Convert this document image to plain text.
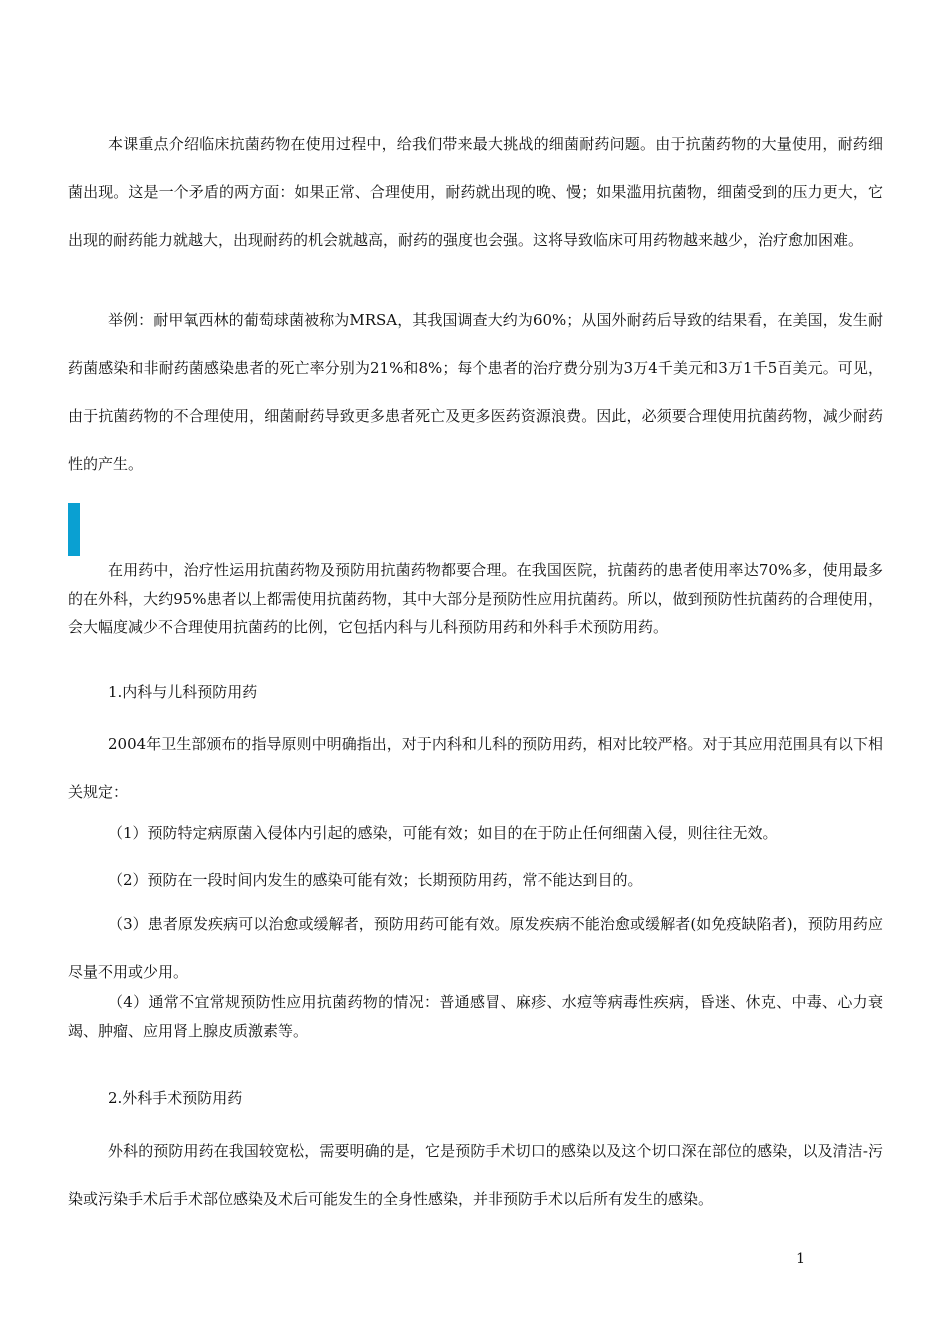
本课重点介绍临床抗菌药物在使用过程中，给我们带来最大挑战的细菌耐药问题。由于抗菌药物的大量使用，耐药细菌出现。这是一个矛盾的两方面：如果正常、合理使用，耐药就出现的晚、慢；如果滥用抗菌物，细菌受到的压力更大，它出现的耐药能力就越大，出现耐药的机会就越高，耐药的强度也会强。这将导致临床可用药物越来越少，治疗愈加困难。

举例：耐甲氧西林的葡萄球菌被称为MRSA，其我国调查大约为60%；从国外耐药后导致的结果看，在美国，发生耐药菌感染和非耐药菌感染患者的死亡率分别为21%和8%；每个患者的治疗费分别为3万4千美元和3万1千5百美元。可见，由于抗菌药物的不合理使用，细菌耐药导致更多患者死亡及更多医药资源浪费。因此，必须要合理使用抗菌药物，减少耐药性的产生。

在用药中，治疗性运用抗菌药物及预防用抗菌药物都要合理。在我国医院，抗菌药的患者使用率达70%多，使用最多的在外科，大约95%患者以上都需使用抗菌药物，其中大部分是预防性应用抗菌药。所以，做到预防性抗菌药的合理使用，会大幅度减少不合理使用抗菌药的比例，它包括内科与儿科预防用药和外科手术预防用药。

1.内科与儿科预防用药

2004年卫生部颁布的指导原则中明确指出，对于内科和儿科的预防用药，相对比较严格。对于其应用范围具有以下相关规定：

（1）预防特定病原菌入侵体内引起的感染，可能有效；如目的在于防止任何细菌入侵，则往往无效。

（2）预防在一段时间内发生的感染可能有效；长期预防用药，常不能达到目的。

（3）患者原发疾病可以治愈或缓解者，预防用药可能有效。原发疾病不能治愈或缓解者(如免疫缺陷者)，预防用药应尽量不用或少用。

（4）通常不宜常规预防性应用抗菌药物的情况：普通感冒、麻疹、水痘等病毒性疾病，昏迷、休克、中毒、心力衰竭、肿瘤、应用肾上腺皮质激素等。

2.外科手术预防用药

外科的预防用药在我国较宽松，需要明确的是，它是预防手术切口的感染以及这个切口深在部位的感染，以及清洁-污染或污染手术后手术部位感染及术后可能发生的全身性感染，并非预防手术以后所有发生的感染。

1
